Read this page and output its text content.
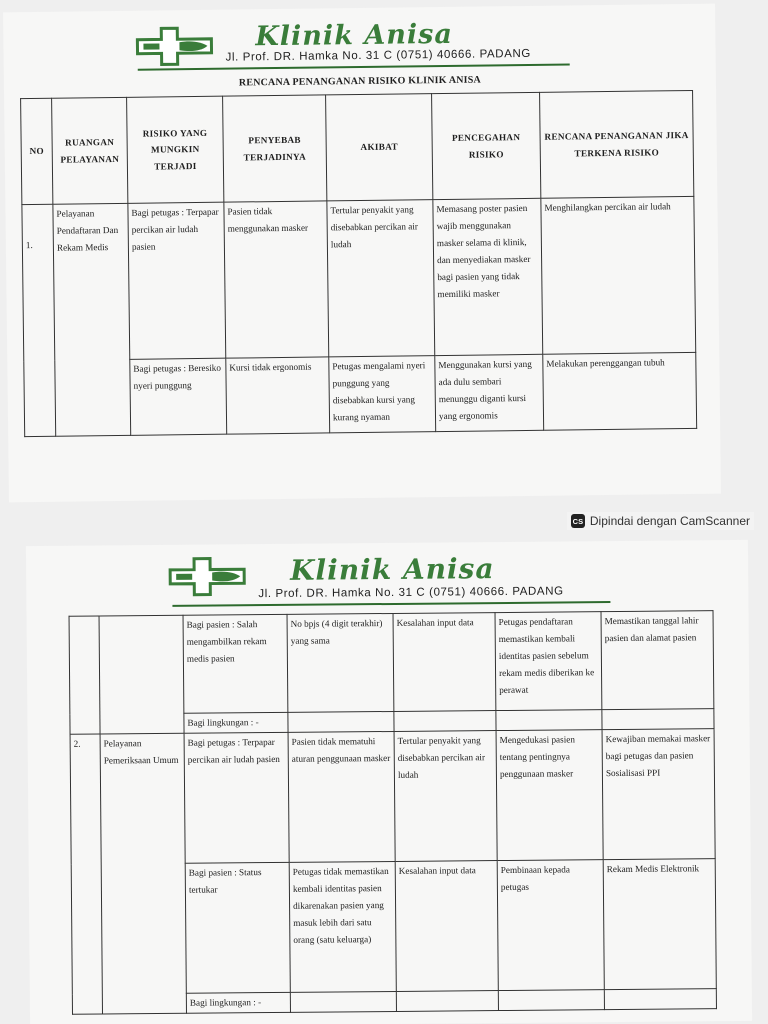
Klinik Anisa
Jl. Prof. DR. Hamka No. 31 C (0751) 40666. PADANG
RENCANA PENANGANAN RISIKO KLINIK ANISA
NO	RUANGAN PELAYANAN	RISIKO YANG MUNGKIN TERJADI	PENYEBAB TERJADINYA	AKIBAT	PENCEGAHAN RISIKO	RENCANA PENANGANAN JIKA TERKENA RISIKO
1.	Pelayanan Pendaftaran Dan Rekam Medis	Bagi petugas : Terpapar percikan air ludah pasien	Pasien tidak menggunakan masker	Tertular penyakit yang disebabkan percikan air ludah	Memasang poster pasien wajib menggunakan masker selama di klinik, dan menyediakan masker bagi pasien yang tidak memiliki masker	Menghilangkan percikan air ludah
		Bagi petugas : Beresiko nyeri punggung	Kursi tidak ergonomis	Petugas mengalami nyeri punggung yang disebabkan kursi yang kurang nyaman	Menggunakan kursi yang ada dulu sembari menunggu diganti kursi yang ergonomis	Melakukan perenggangan tubuh
CS Dipindai dengan CamScanner
Klinik Anisa
Jl. Prof. DR. Hamka No. 31 C (0751) 40666. PADANG
		Bagi pasien : Salah mengambilkan rekam medis pasien	No bpjs (4 digit terakhir) yang sama	Kesalahan input data	Petugas pendaftaran memastikan kembali identitas pasien sebelum rekam medis diberikan ke perawat	Memastikan tanggal lahir pasien dan alamat pasien
		Bagi lingkungan : -				
2.	Pelayanan Pemeriksaan Umum	Bagi petugas : Terpapar percikan air ludah pasien	Pasien tidak mematuhi aturan penggunaan masker	Tertular penyakit yang disebabkan percikan air ludah	Mengedukasi pasien tentang pentingnya penggunaan masker	Kewajiban memakai masker bagi petugas dan pasien Sosialisasi PPI
		Bagi pasien : Status tertukar	Petugas tidak memastikan kembali identitas pasien dikarenakan pasien yang masuk lebih dari satu orang (satu keluarga)	Kesalahan input data	Pembinaan kepada petugas	Rekam Medis Elektronik
		Bagi lingkungan : -				
